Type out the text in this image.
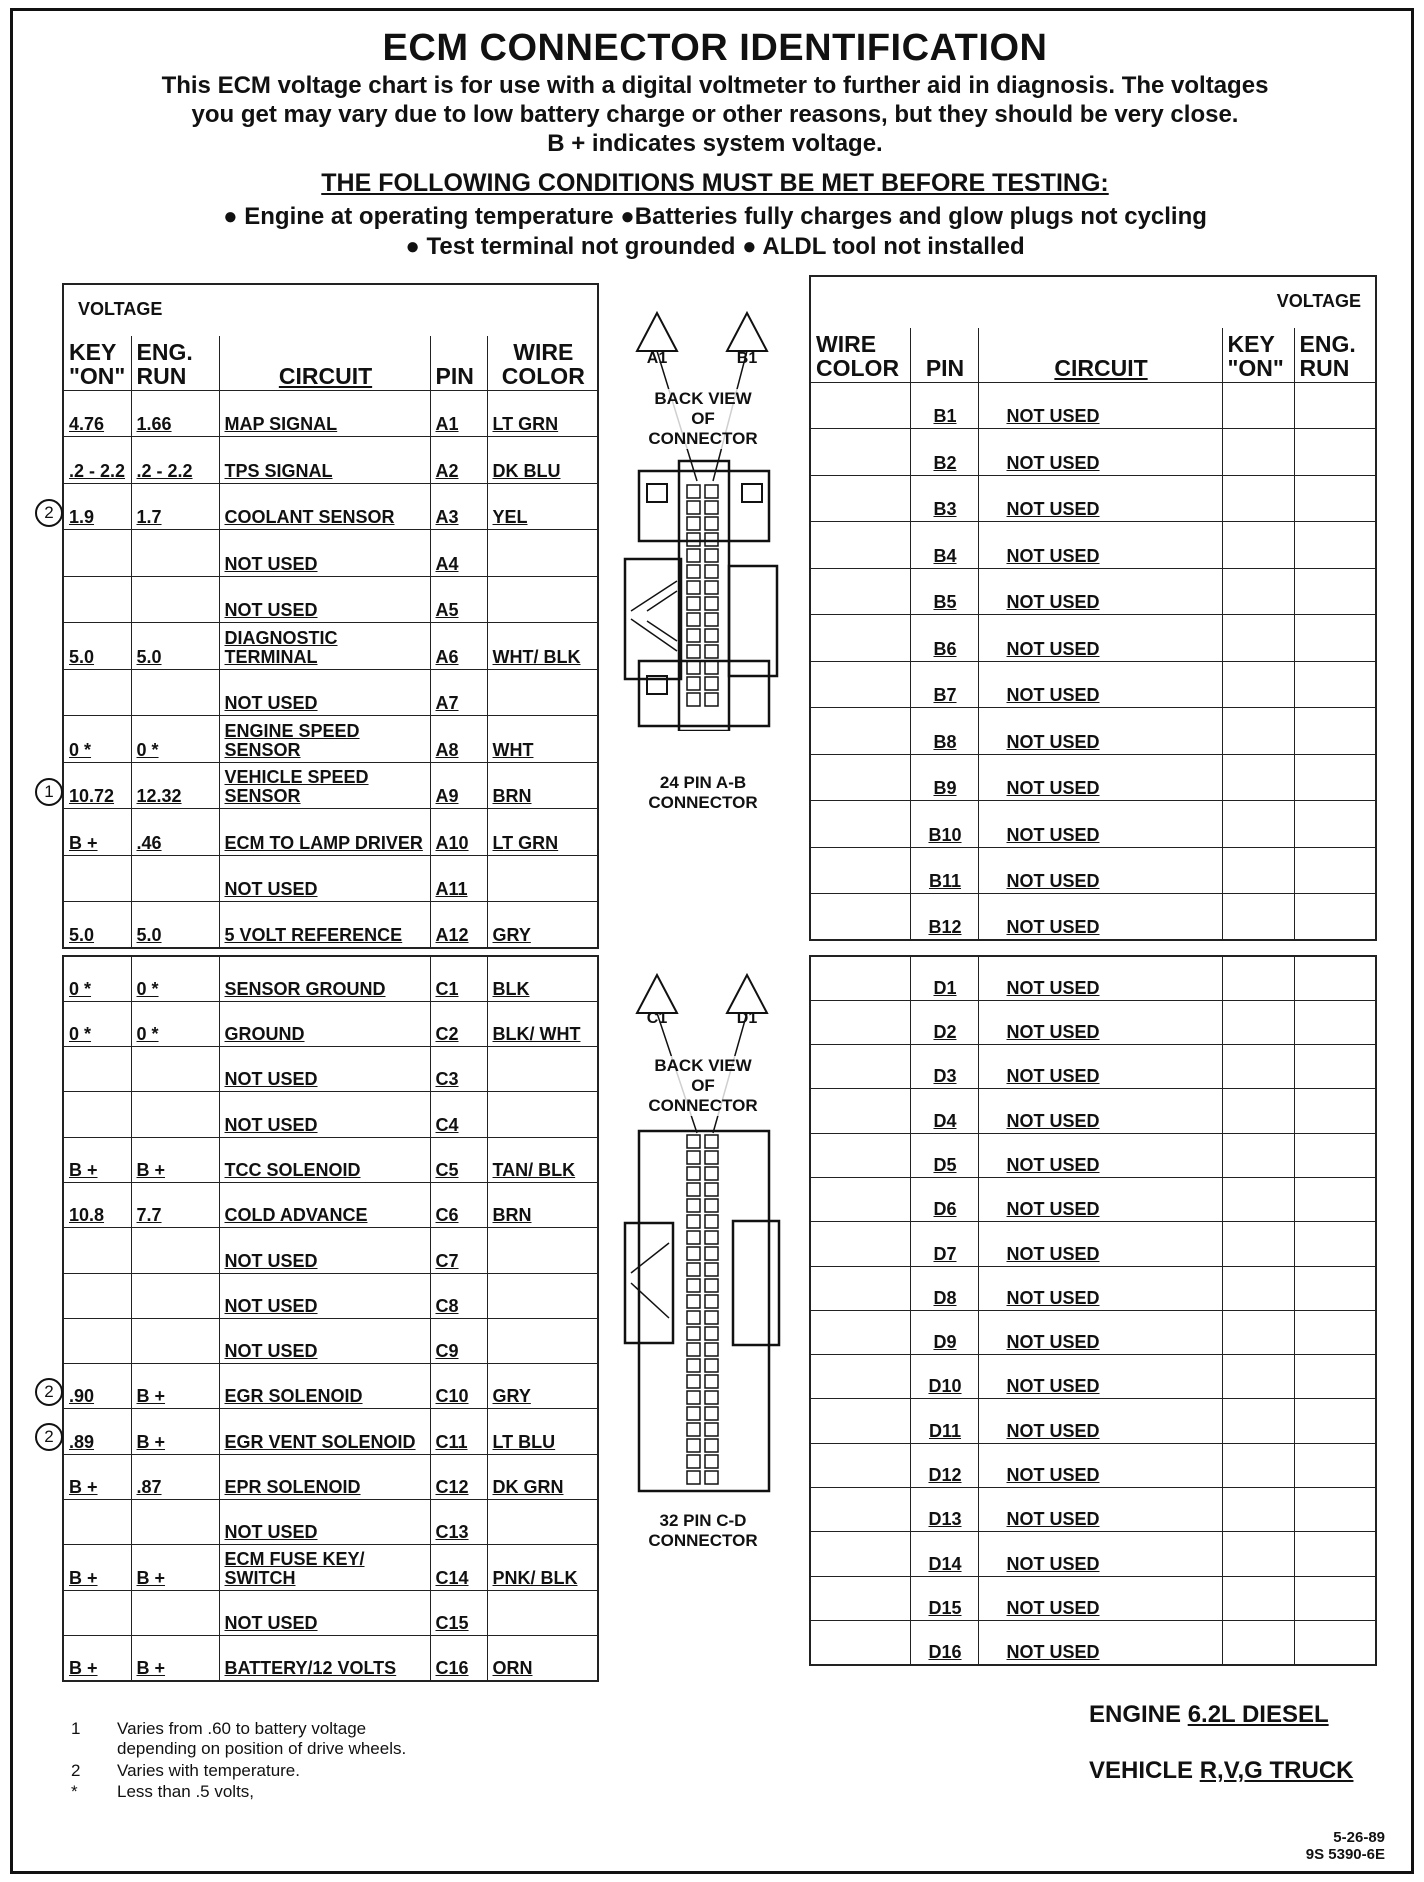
ECM CONNECTOR IDENTIFICATION
This ECM voltage chart is for use with a digital voltmeter to further aid in diagnosis. The voltages
you get may vary due to low battery charge or other reasons, but they should be very close.
B + indicates system voltage.
THE FOLLOWING CONDITIONS MUST BE MET BEFORE TESTING:
● Engine at operating temperature ●Batteries fully charges and glow plugs not cycling
● Test terminal not grounded ● ALDL tool not installed
VOLTAGE				
KEY "ON"	ENG. RUN	CIRCUIT	PIN	WIRE COLOR
4.76	1.66	MAP SIGNAL	A1	LT GRN
.2 - 2.2	.2 - 2.2	TPS SIGNAL	A2	DK BLU
1.9	1.7	COOLANT SENSOR	A3	YEL
		NOT USED	A4	
		NOT USED	A5	
5.0	5.0	DIAGNOSTIC TERMINAL	A6	WHT/ BLK
		NOT USED	A7	
0 *	0 *	ENGINE SPEED SENSOR	A8	WHT
10.72	12.32	VEHICLE SPEED SENSOR	A9	BRN
B +	.46	ECM TO LAMP DRIVER	A10	LT GRN
		NOT USED	A11	
5.0	5.0	5 VOLT REFERENCE	A12	GRY
0 *	0 *	SENSOR GROUND	C1	BLK
0 *	0 *	GROUND	C2	BLK/ WHT
		NOT USED	C3	
		NOT USED	C4	
B +	B +	TCC SOLENOID	C5	TAN/ BLK
10.8	7.7	COLD ADVANCE	C6	BRN
		NOT USED	C7	
		NOT USED	C8	
		NOT USED	C9	
.90	B +	EGR SOLENOID	C10	GRY
.89	B +	EGR VENT SOLENOID	C11	LT BLU
B +	.87	EPR SOLENOID	C12	DK GRN
		NOT USED	C13	
B +	B +	ECM FUSE KEY/ SWITCH	C14	PNK/ BLK
		NOT USED	C15	
B +	B +	BATTERY/12 VOLTS	C16	ORN
VOLTAGE				
WIRE COLOR	PIN	CIRCUIT	KEY "ON"	ENG. RUN
	B1	NOT USED		
	B2	NOT USED		
	B3	NOT USED		
	B4	NOT USED		
	B5	NOT USED		
	B6	NOT USED		
	B7	NOT USED		
	B8	NOT USED		
	B9	NOT USED		
	B10	NOT USED		
	B11	NOT USED		
	B12	NOT USED		
	D1	NOT USED		
	D2	NOT USED		
	D3	NOT USED		
	D4	NOT USED		
	D5	NOT USED		
	D6	NOT USED		
	D7	NOT USED		
	D8	NOT USED		
	D9	NOT USED		
	D10	NOT USED		
	D11	NOT USED		
	D12	NOT USED		
	D13	NOT USED		
	D14	NOT USED		
	D15	NOT USED		
	D16	NOT USED		
2
1
2
2
A1	B1
BACK VIEW OF CONNECTOR
24 PIN A-B
CONNECTOR
C1	D1
BACK VIEW OF CONNECTOR
32 PIN C-D
CONNECTOR
1	Varies from .60 to battery voltage
depending on position of drive wheels.
2	Varies with temperature.
*	Less than .5 volts,
ENGINE 6.2L DIESEL
VEHICLE R,V,G TRUCK
5-26-89
9S 5390-6E
